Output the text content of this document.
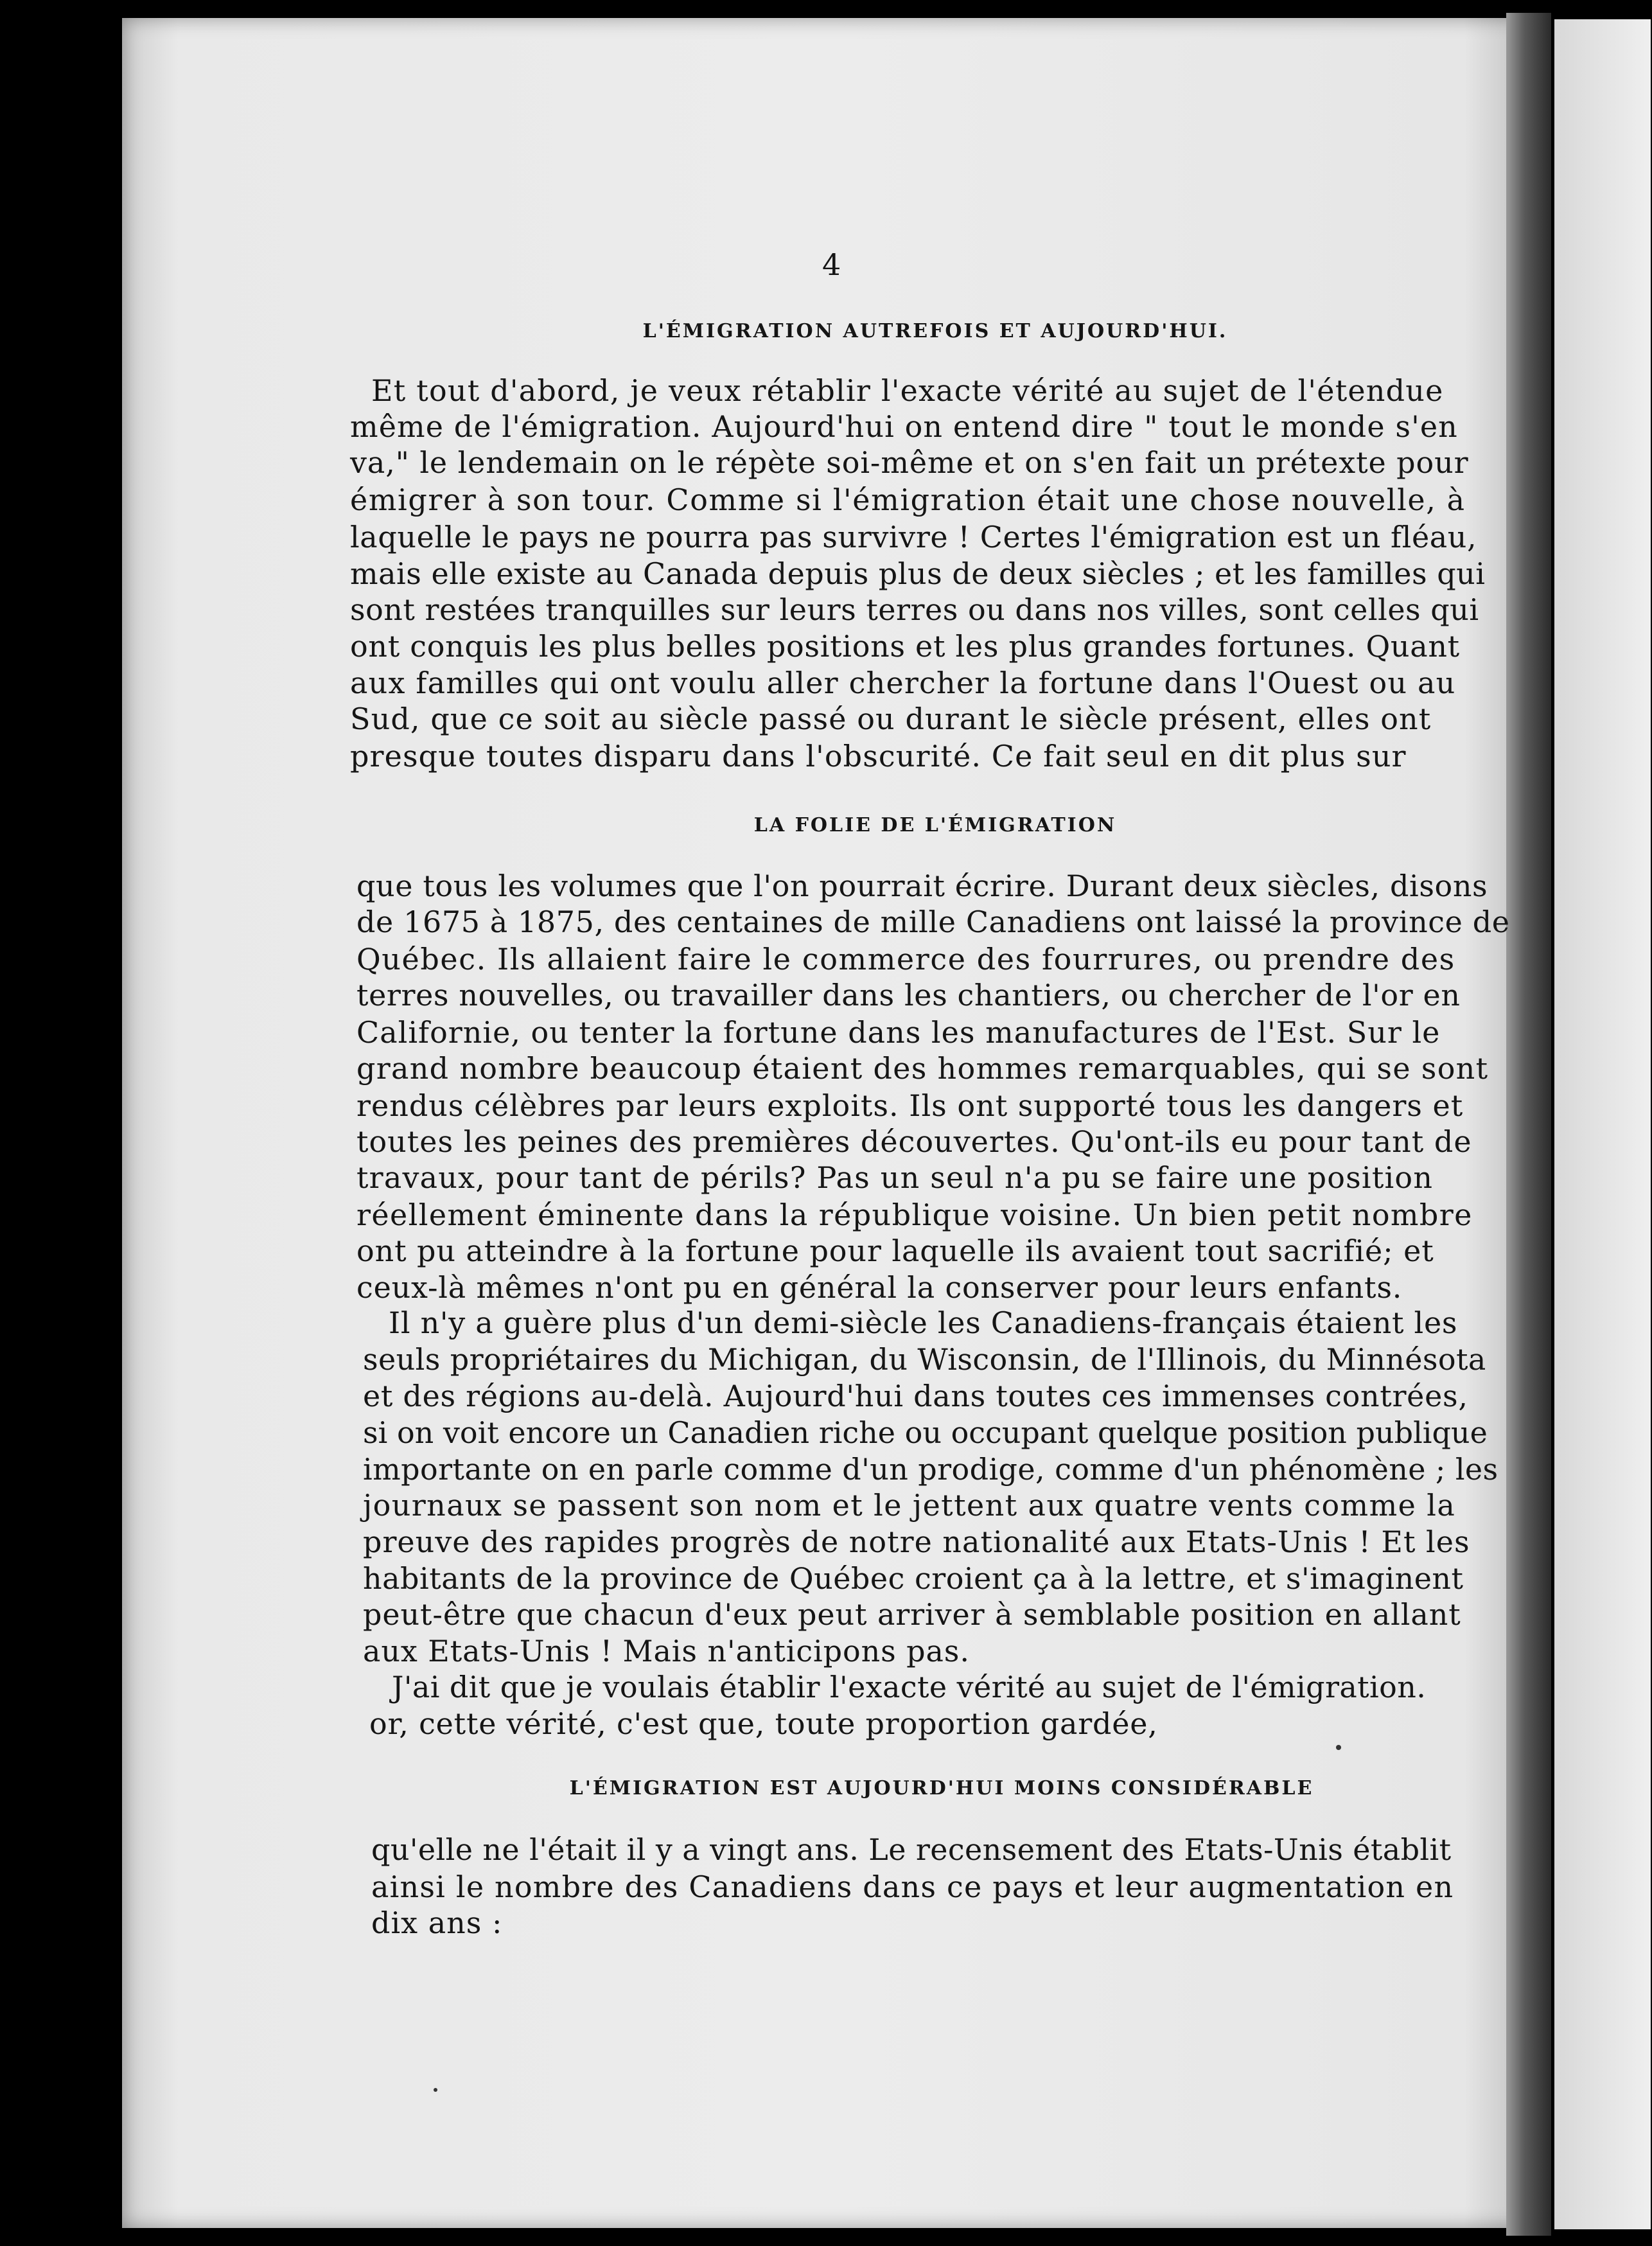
4
L'ÉMIGRATION AUTREFOIS ET AUJOURD'HUI.
Et tout d'abord, je veux rétablir l'exacte vérité au sujet de l'étendue
même de l'émigration. Aujourd'hui on entend dire " tout le monde s'en
va," le lendemain on le répète soi-même et on s'en fait un prétexte pour
émigrer à son tour. Comme si l'émigration était une chose nouvelle, à
laquelle le pays ne pourra pas survivre ! Certes l'émigration est un fléau,
mais elle existe au Canada depuis plus de deux siècles ; et les familles qui
sont restées tranquilles sur leurs terres ou dans nos villes, sont celles qui
ont conquis les plus belles positions et les plus grandes fortunes. Quant
aux familles qui ont voulu aller chercher la fortune dans l'Ouest ou au
Sud, que ce soit au siècle passé ou durant le siècle présent, elles ont
presque toutes disparu dans l'obscurité. Ce fait seul en dit plus sur
LA FOLIE DE L'ÉMIGRATION
que tous les volumes que l'on pourrait écrire. Durant deux siècles, disons
de 1675 à 1875, des centaines de mille Canadiens ont laissé la province de
Québec. Ils allaient faire le commerce des fourrures, ou prendre des
terres nouvelles, ou travailler dans les chantiers, ou chercher de l'or en
Californie, ou tenter la fortune dans les manufactures de l'Est. Sur le
grand nombre beaucoup étaient des hommes remarquables, qui se sont
rendus célèbres par leurs exploits. Ils ont supporté tous les dangers et
toutes les peines des premières découvertes. Qu'ont-ils eu pour tant de
travaux, pour tant de périls? Pas un seul n'a pu se faire une position
réellement éminente dans la république voisine. Un bien petit nombre
ont pu atteindre à la fortune pour laquelle ils avaient tout sacrifié; et
ceux-là mêmes n'ont pu en général la conserver pour leurs enfants.
Il n'y a guère plus d'un demi-siècle les Canadiens-français étaient les
seuls propriétaires du Michigan, du Wisconsin, de l'Illinois, du Minnésota
et des régions au-delà. Aujourd'hui dans toutes ces immenses contrées,
si on voit encore un Canadien riche ou occupant quelque position publique
importante on en parle comme d'un prodige, comme d'un phénomène ; les
journaux se passent son nom et le jettent aux quatre vents comme la
preuve des rapides progrès de notre nationalité aux Etats-Unis ! Et les
habitants de la province de Québec croient ça à la lettre, et s'imaginent
peut-être que chacun d'eux peut arriver à semblable position en allant
aux Etats-Unis ! Mais n'anticipons pas.
J'ai dit que je voulais établir l'exacte vérité au sujet de l'émigration.
or, cette vérité, c'est que, toute proportion gardée,
L'ÉMIGRATION EST AUJOURD'HUI MOINS CONSIDÉRABLE
qu'elle ne l'était il y a vingt ans. Le recensement des Etats-Unis établit
ainsi le nombre des Canadiens dans ce pays et leur augmentation en
dix ans :
